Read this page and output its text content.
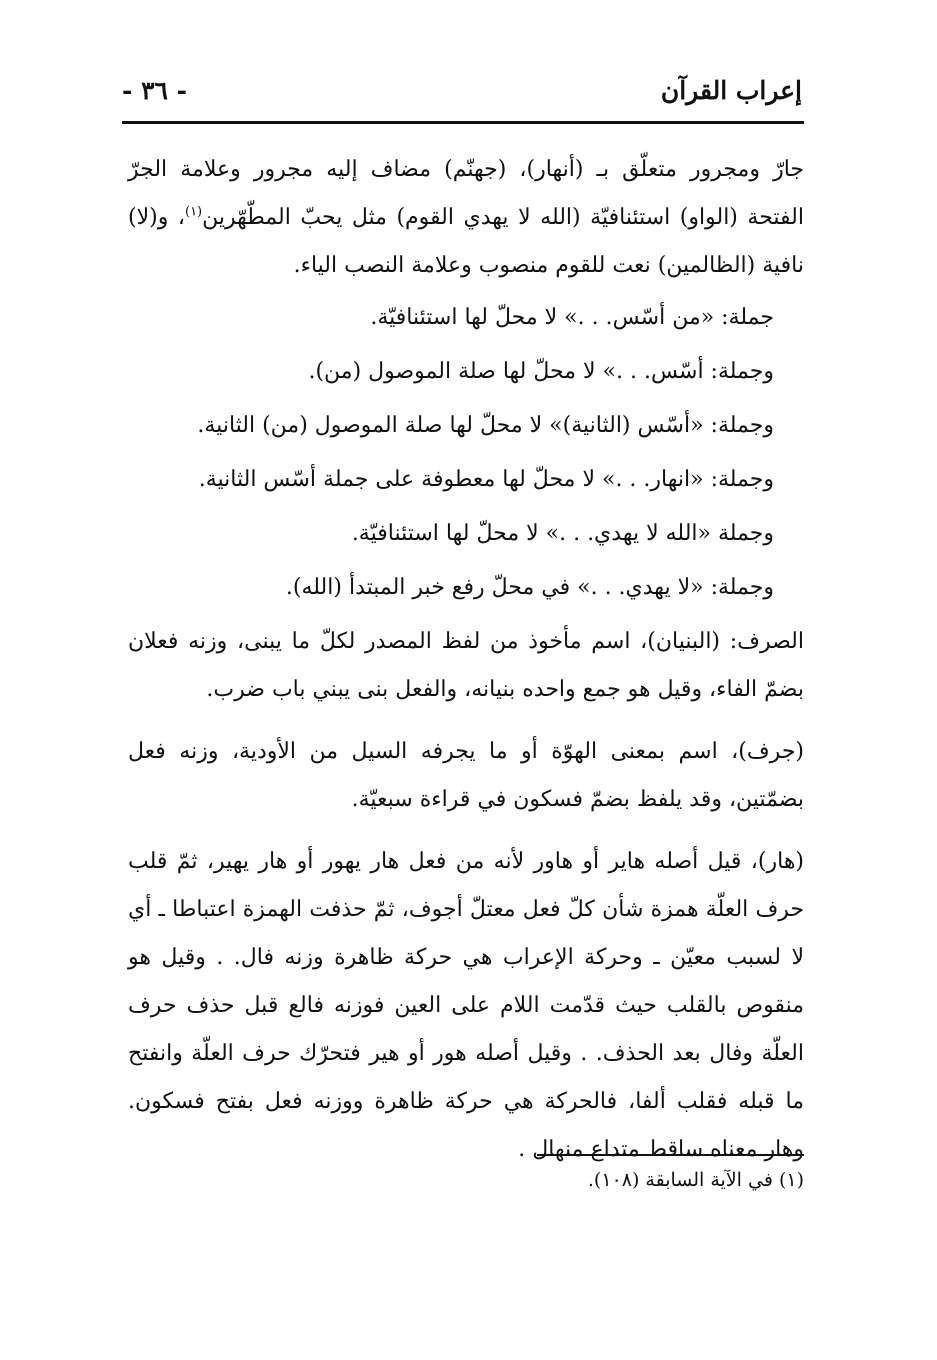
إعراب القرآن
- ٣٦ -

جارّ ومجرور متعلّق بـ (أنهار)، (جهنّم) مضاف إليه مجرور وعلامة الجرّ الفتحة (الواو) استئنافيّة (الله لا يهدي القوم) مثل يحبّ المطّهّرين$^{(١)}$، و(لا) نافية (الظالمين) نعت للقوم منصوب وعلامة النصب الياء.

جملة: «من أسّس. . .» لا محلّ لها استئنافيّة.

وجملة: أسّس. . .» لا محلّ لها صلة الموصول (من).

وجملة: «أسّس (الثانية)» لا محلّ لها صلة الموصول (من) الثانية.

وجملة: «انهار. . .» لا محلّ لها معطوفة على جملة أسّس الثانية.

وجملة «الله لا يهدي. . .» لا محلّ لها استئنافيّة.

وجملة: «لا يهدي. . .» في محلّ رفع خبر المبتدأ (الله).

الصرف: (البنيان)، اسم مأخوذ من لفظ المصدر لكلّ ما يبنى، وزنه فعلان بضمّ الفاء، وقيل هو جمع واحده بنيانه، والفعل بنى يبني باب ضرب.

(جرف)، اسم بمعنى الهوّة أو ما يجرفه السيل من الأودية، وزنه فعل بضمّتين، وقد يلفظ بضمّ فسكون في قراءة سبعيّة.

(هار)، قيل أصله هاير أو هاور لأنه من فعل هار يهور أو هار يهير، ثمّ قلب حرف العلّة همزة شأن كلّ فعل معتلّ أجوف، ثمّ حذفت الهمزة اعتباطا ـ أي لا لسبب معيّن ـ وحركة الإعراب هي حركة ظاهرة وزنه فال. . وقيل هو منقوص بالقلب حيث قدّمت اللام على العين فوزنه فالع قبل حذف حرف العلّة وفال بعد الحذف. . وقيل أصله هور أو هير فتحرّك حرف العلّة وانفتح ما قبله فقلب ألفا، فالحركة هي حركة ظاهرة ووزنه فعل بفتح فسكون. وهار معناه ساقط متداع منهال .

(١) في الآية السابقة (١٠٨).
